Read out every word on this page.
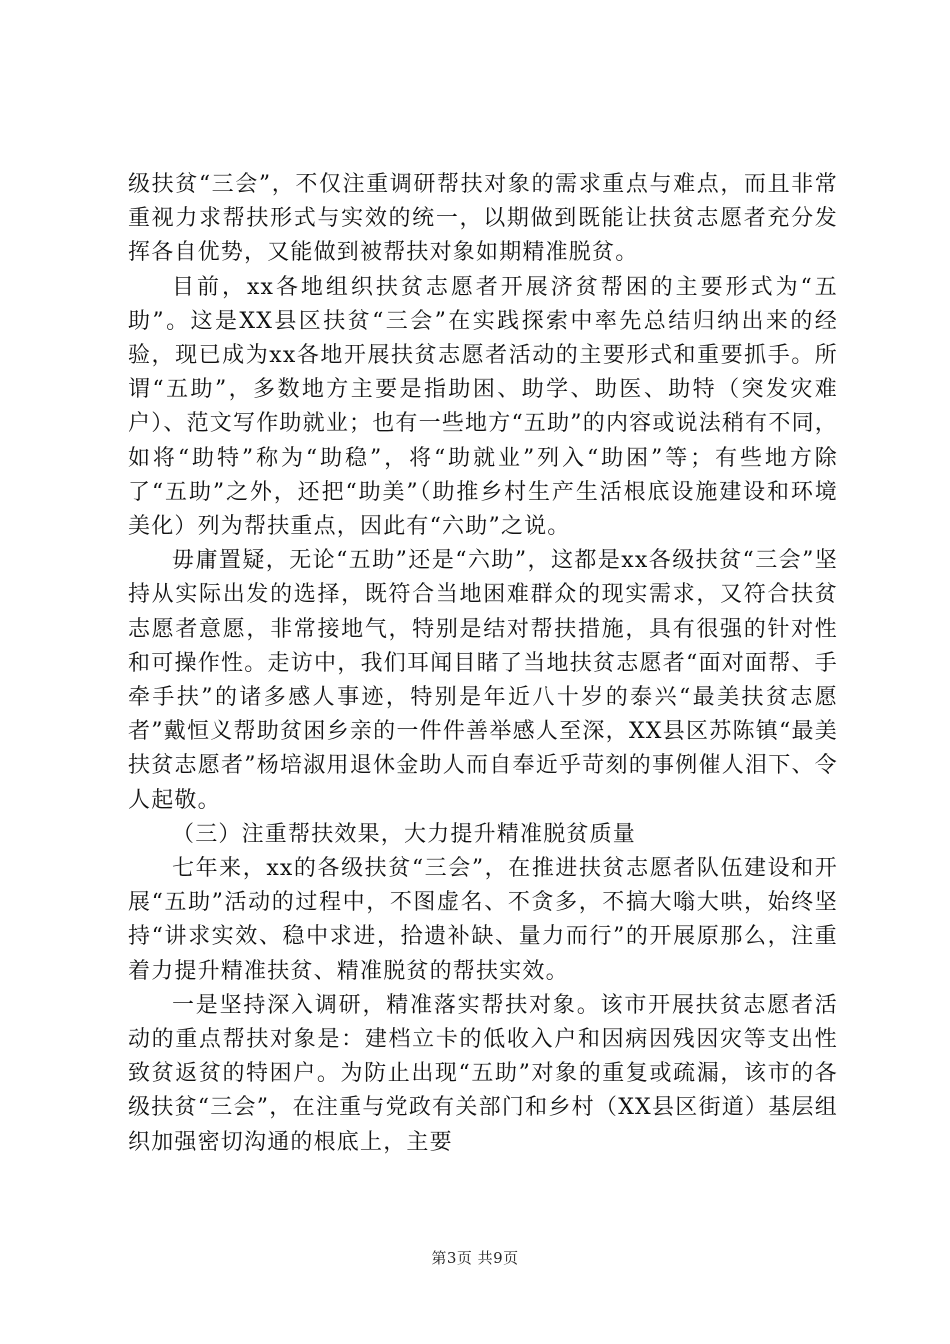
级扶贫“三会”，不仅注重调研帮扶对象的需求重点与难点，而且非常重视力求帮扶形式与实效的统一，以期做到既能让扶贫志愿者充分发挥各自优势，又能做到被帮扶对象如期精准脱贫。

目前，xx各地组织扶贫志愿者开展济贫帮困的主要形式为“五助”。这是XX县区扶贫“三会”在实践探索中率先总结归纳出来的经验，现已成为xx各地开展扶贫志愿者活动的主要形式和重要抓手。所谓“五助”，多数地方主要是指助困、助学、助医、助特（突发灾难户）、范文写作助就业；也有一些地方“五助”的内容或说法稍有不同，如将“助特”称为“助稳”，将“助就业”列入“助困”等；有些地方除了“五助”之外，还把“助美”（助推乡村生产生活根底设施建设和环境美化）列为帮扶重点，因此有“六助”之说。

毋庸置疑，无论“五助”还是“六助”，这都是xx各级扶贫“三会”坚持从实际出发的选择，既符合当地困难群众的现实需求，又符合扶贫志愿者意愿，非常接地气，特别是结对帮扶措施，具有很强的针对性和可操作性。走访中，我们耳闻目睹了当地扶贫志愿者“面对面帮、手牵手扶”的诸多感人事迹，特别是年近八十岁的泰兴“最美扶贫志愿者”戴恒义帮助贫困乡亲的一件件善举感人至深，XX县区苏陈镇“最美扶贫志愿者”杨培淑用退休金助人而自奉近乎苛刻的事例催人泪下、令人起敬。

（三）注重帮扶效果，大力提升精准脱贫质量

七年来，xx的各级扶贫“三会”，在推进扶贫志愿者队伍建设和开展“五助”活动的过程中，不图虚名、不贪多，不搞大嗡大哄，始终坚持“讲求实效、稳中求进，拾遗补缺、量力而行”的开展原那么，注重着力提升精准扶贫、精准脱贫的帮扶实效。

一是坚持深入调研，精准落实帮扶对象。该市开展扶贫志愿者活动的重点帮扶对象是：建档立卡的低收入户和因病因残因灾等支出性致贫返贫的特困户。为防止出现“五助”对象的重复或疏漏，该市的各级扶贫“三会”，在注重与党政有关部门和乡村（XX县区街道）基层组织加强密切沟通的根底上，主要

第3页 共9页
